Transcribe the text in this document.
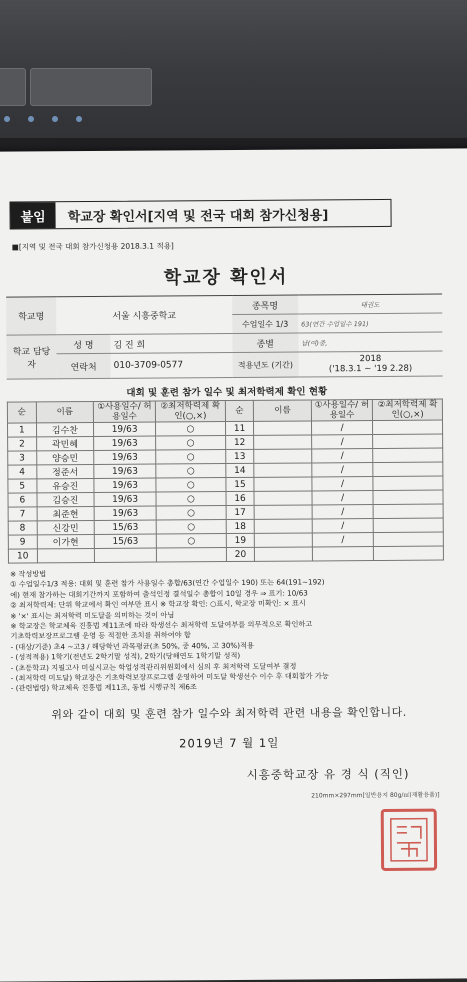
붙임	학교장 확인서[지역 및 전국 대회 참가신청용]
■[지역 및 전국 대회 참가신청용 2018.3.1 적용]
학교장 확인서
학교명	서울 시흥중학교		종목명	태권도
			수업일수 1/3	63(연간 수업일수 191)
학교 담당자	성 명	김 진 희	종별	남(여)중,
	연락처	010-3709-0577	적용년도 (기간)	2018
('18.3.1 ~ '19 2.28)
대회 및 훈련 참가 일수 및 최저학력제 확인 현황
순	이름	①사용일수/ 허용일수	②최저학력제 확인(○,×)	순	이름	①사용일수/ 허용일수	②최저학력제 확인(○,×)
1	김수찬	19/63	○	11		/	
2	곽민혜	19/63	○	12		/	
3	양승민	19/63	○	13		/	
4	정준서	19/63	○	14		/	
5	유승진	19/63	○	15		/	
6	김승진	19/63	○	16		/	
7	최준현	19/63	○	17		/	
8	신강민	15/63	○	18		/	
9	이가현	15/63	○	19		/	
10				20			
※ 작성방법
① 수업일수1/3 적용: 대회 및 훈련 참가 사용일수 총합/63(연간 수업일수 190) 또는 64(191~192)
에) 현재 참가하는 대회기간까지 포함하여 출석인정 결석일수 총합이 10일 경우 ⇒ 표기: 10/63
② 최저학력제: 단위 학교에서 확인 여부만 표시 ※ 학교장 확인: ○표시, 학교장 미확인: × 표시
※ '×' 표시는 최저학력 미도달을 의미하는 것이 아님
※ 학교장은 학교체육 진흥법 제11조에 따라 학생선수 최저학력 도달여부를 의무적으로 확인하고
기초학력보장프로그램 운영 등 적절한 조치를 취하여야 함
- (대상/기준) 초4 ~고3 / 해당학년 과목평균(초 50%, 중 40%, 고 30%)적용
- (성적적용) 1학기(전년도 2학기말 성적), 2학기(당해연도 1학기말 성적)
- (초등학교) 지필고사 미실시교는 학업성적관리위원회에서 심의 후 최저학력 도달여부 결정
- (최저학력 미도달) 학교장은 기초학력보장프로그램 운영하여 미도달 학생선수 이수 후 대회참가 가능
- (관련법령) 학교체육 진흥법 제11조, 동법 시행규칙 제6조
위와 같이 대회 및 훈련 참가 일수와 최저학력 관련 내용을 확인합니다.
2019년 7 월 1일
시흥중학교장 유 경 식 (직인)
210mm×297mm[일반용지 80g/㎡(재활용품)]
